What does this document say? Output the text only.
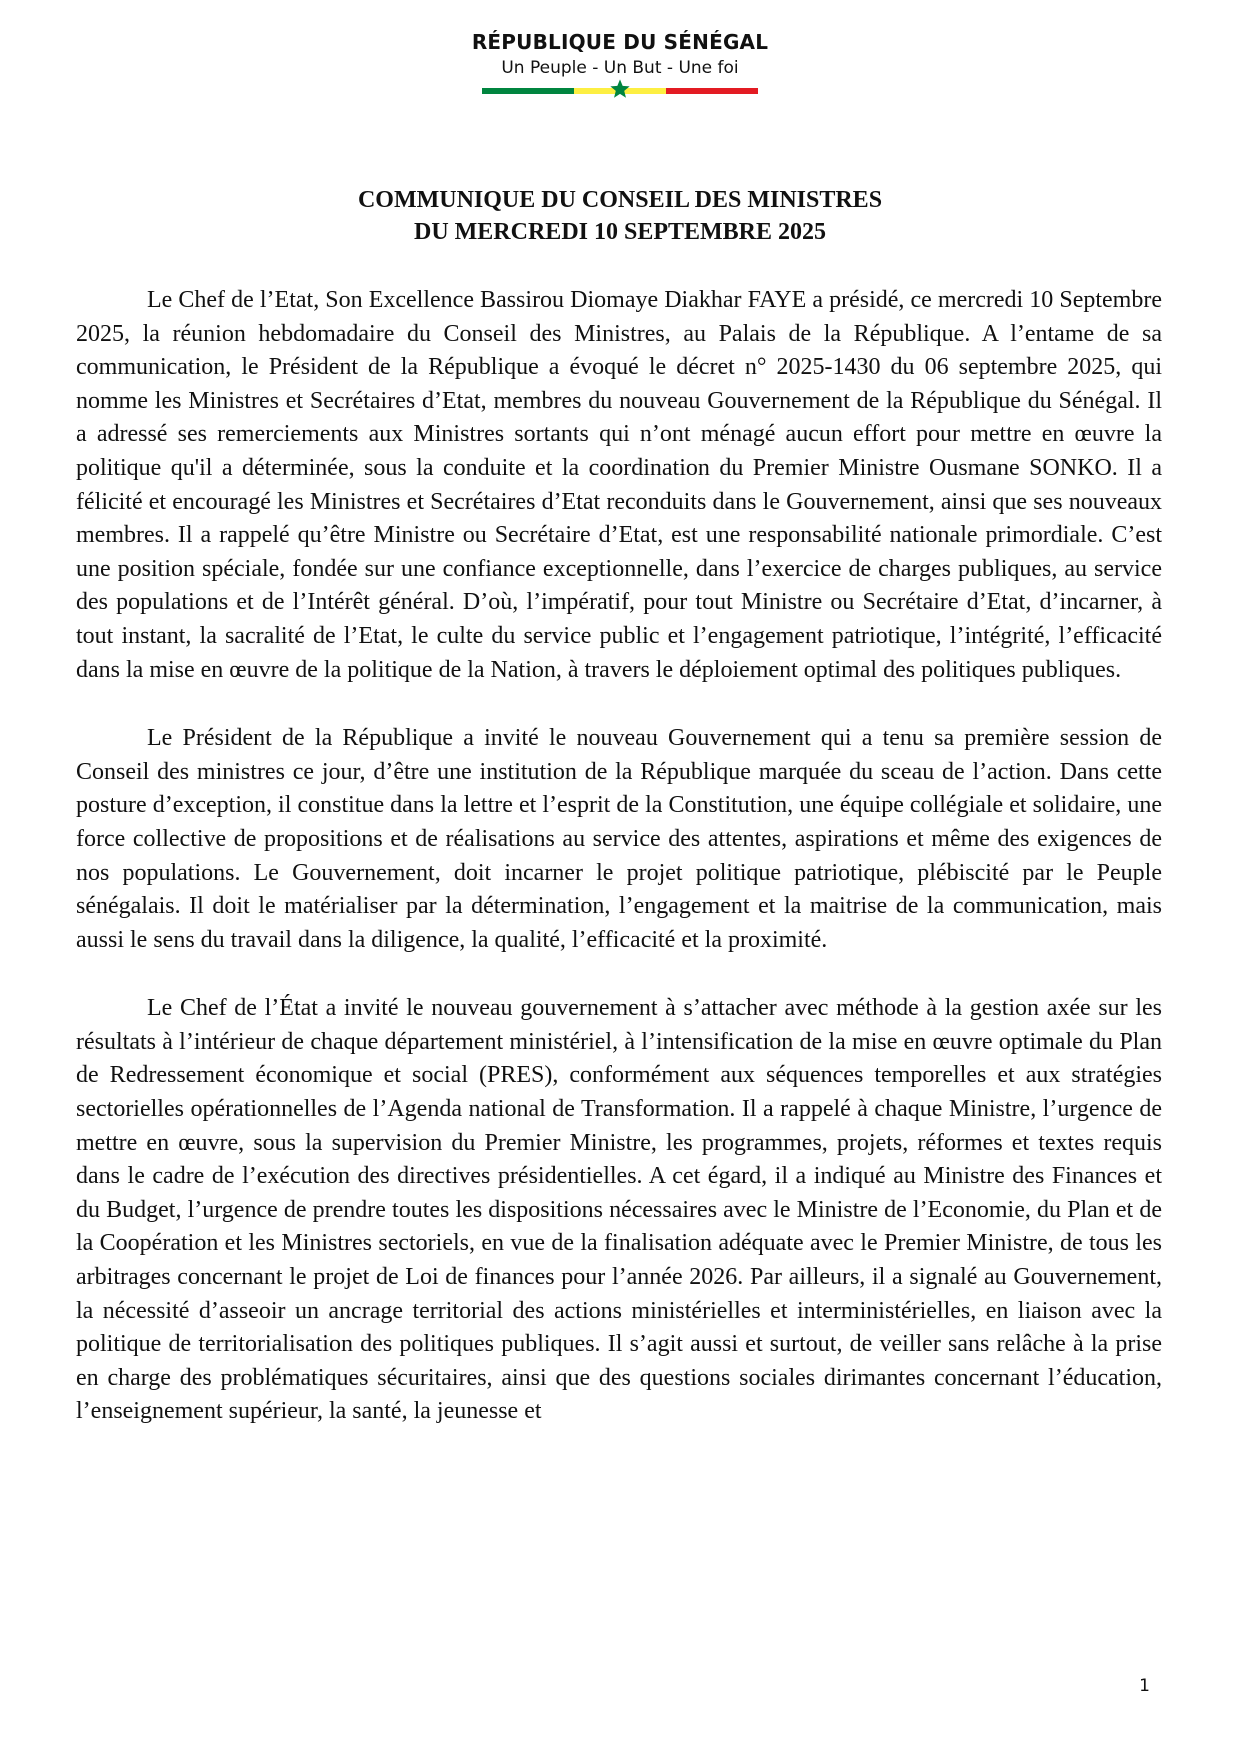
RÉPUBLIQUE DU SÉNÉGAL
Un Peuple - Un But - Une foi
COMMUNIQUE DU CONSEIL DES MINISTRES
DU MERCREDI 10 SEPTEMBRE 2025

Le Chef de l’Etat, Son Excellence Bassirou Diomaye Diakhar FAYE a présidé, ce mercredi 10 Septembre 2025, la réunion hebdomadaire du Conseil des Ministres, au Palais de la République. A l’entame de sa communication, le Président de la République a évoqué le décret n° 2025-1430 du 06 septembre 2025, qui nomme les Ministres et Secrétaires d’Etat, membres du nouveau Gouvernement de la République du Sénégal. Il a adressé ses remerciements aux Ministres sortants qui n’ont ménagé aucun effort pour mettre en œuvre la politique qu'il a déterminée, sous la conduite et la coordination du Premier Ministre Ousmane SONKO. Il a félicité et encouragé les Ministres et Secrétaires d’Etat reconduits dans le Gouvernement, ainsi que ses nouveaux membres. Il a rappelé qu’être Ministre ou Secrétaire d’Etat, est une responsabilité nationale primordiale. C’est une position spéciale, fondée sur une confiance exceptionnelle, dans l’exercice de charges publiques, au service des populations et de l’Intérêt général. D’où, l’impératif, pour tout Ministre ou Secrétaire d’Etat, d’incarner, à tout instant, la sacralité de l’Etat, le culte du service public et l’engagement patriotique, l’intégrité, l’efficacité dans la mise en œuvre de la politique de la Nation, à travers le déploiement optimal des politiques publiques.

Le Président de la République a invité le nouveau Gouvernement qui a tenu sa première session de Conseil des ministres ce jour, d’être une institution de la République marquée du sceau de l’action. Dans cette posture d’exception, il constitue dans la lettre et l’esprit de la Constitution, une équipe collégiale et solidaire, une force collective de propositions et de réalisations au service des attentes, aspirations et même des exigences de nos populations. Le Gouvernement, doit incarner le projet politique patriotique, plébiscité par le Peuple sénégalais. Il doit le matérialiser par la détermination, l’engagement et la maitrise de la communication, mais aussi le sens du travail dans la diligence, la qualité, l’efficacité et la proximité.

Le Chef de l’État a invité le nouveau gouvernement à s’attacher avec méthode à la gestion axée sur les résultats à l’intérieur de chaque département ministériel, à l’intensification de la mise en œuvre optimale du Plan de Redressement économique et social (PRES), conformément aux séquences temporelles et aux stratégies sectorielles opérationnelles de l’Agenda national de Transformation. Il a rappelé à chaque Ministre, l’urgence de mettre en œuvre, sous la supervision du Premier Ministre, les programmes, projets, réformes et textes requis dans le cadre de l’exécution des directives présidentielles. A cet égard, il a indiqué au Ministre des Finances et du Budget, l’urgence de prendre toutes les dispositions nécessaires avec le Ministre de l’Economie, du Plan et de la Coopération et les Ministres sectoriels, en vue de la finalisation adéquate avec le Premier Ministre, de tous les arbitrages concernant le projet de Loi de finances pour l’année 2026. Par ailleurs, il a signalé au Gouvernement, la nécessité d’asseoir un ancrage territorial des actions ministérielles et interministérielles, en liaison avec la politique de territorialisation des politiques publiques. Il s’agit aussi et surtout, de veiller sans relâche à la prise en charge des problématiques sécuritaires, ainsi que des questions sociales dirimantes concernant l’éducation, l’enseignement supérieur, la santé, la jeunesse et

1
